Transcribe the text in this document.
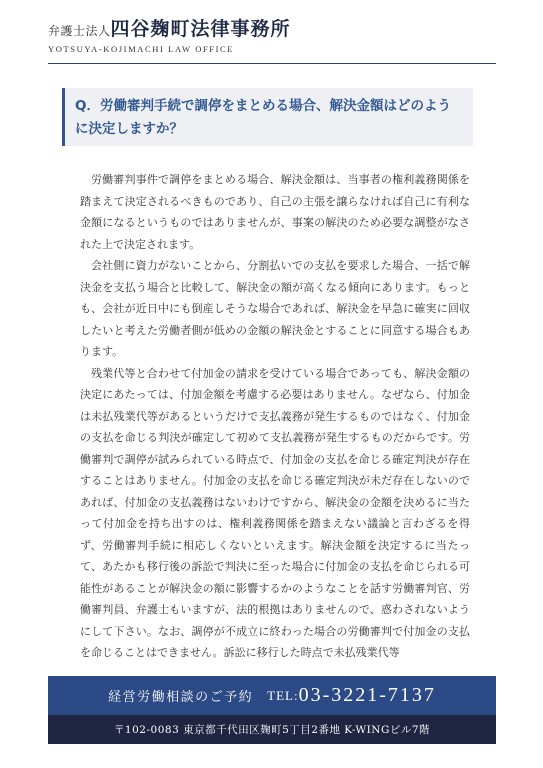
弁護士法人 四谷麹町法律事務所
YOTSUYA-KOJIMACHI LAW OFFICE
Q．労働審判手続で調停をまとめる場合、解決金額はどのよう
に決定しますか？

労働審判事件で調停をまとめる場合、解決金額は、当事者の権利義務関係を踏まえて決定されるべきものであり、自己の主張を譲らなければ自己に有利な金額になるというものではありませんが、事案の解決のため必要な調整がなされた上で決定されます。

会社側に資力がないことから、分割払いでの支払を要求した場合、一括で解決金を支払う場合と比較して、解決金の額が高くなる傾向にあります。もっとも、会社が近日中にも倒産しそうな場合であれば、解決金を早急に確実に回収したいと考えた労働者側が低めの金額の解決金とすることに同意する場合もあります。

残業代等と合わせて付加金の請求を受けている場合であっても、解決金額の決定にあたっては、付加金額を考慮する必要はありません。なぜなら、付加金は未払残業代等があるというだけで支払義務が発生するものではなく、付加金の支払を命じる判決が確定して初めて支払義務が発生するものだからです。労働審判で調停が試みられている時点で、付加金の支払を命じる確定判決が存在することはありません。付加金の支払を命じる確定判決が未だ存在しないのであれば、付加金の支払義務はないわけですから、解決金の金額を決めるに当たって付加金を持ち出すのは、権利義務関係を踏まえない議論と言わざるを得ず、労働審判手続に相応しくないといえます。解決金額を決定するに当たって、あたかも移行後の訴訟で判決に至った場合に付加金の支払を命じられる可能性があることが解決金の額に影響するかのようなことを話す労働審判官、労働審判員、弁護士もいますが、法的根拠はありませんので、惑わされないようにして下さい。なお、調停が不成立に終わった場合の労働審判で付加金の支払を命じることはできません。訴訟に移行した時点で未払残業代等

経営労働相談のご予約 TEL: 03-3221-7137
〒102-0083 東京都千代田区麹町5丁目2番地 K-WINGビル7階
